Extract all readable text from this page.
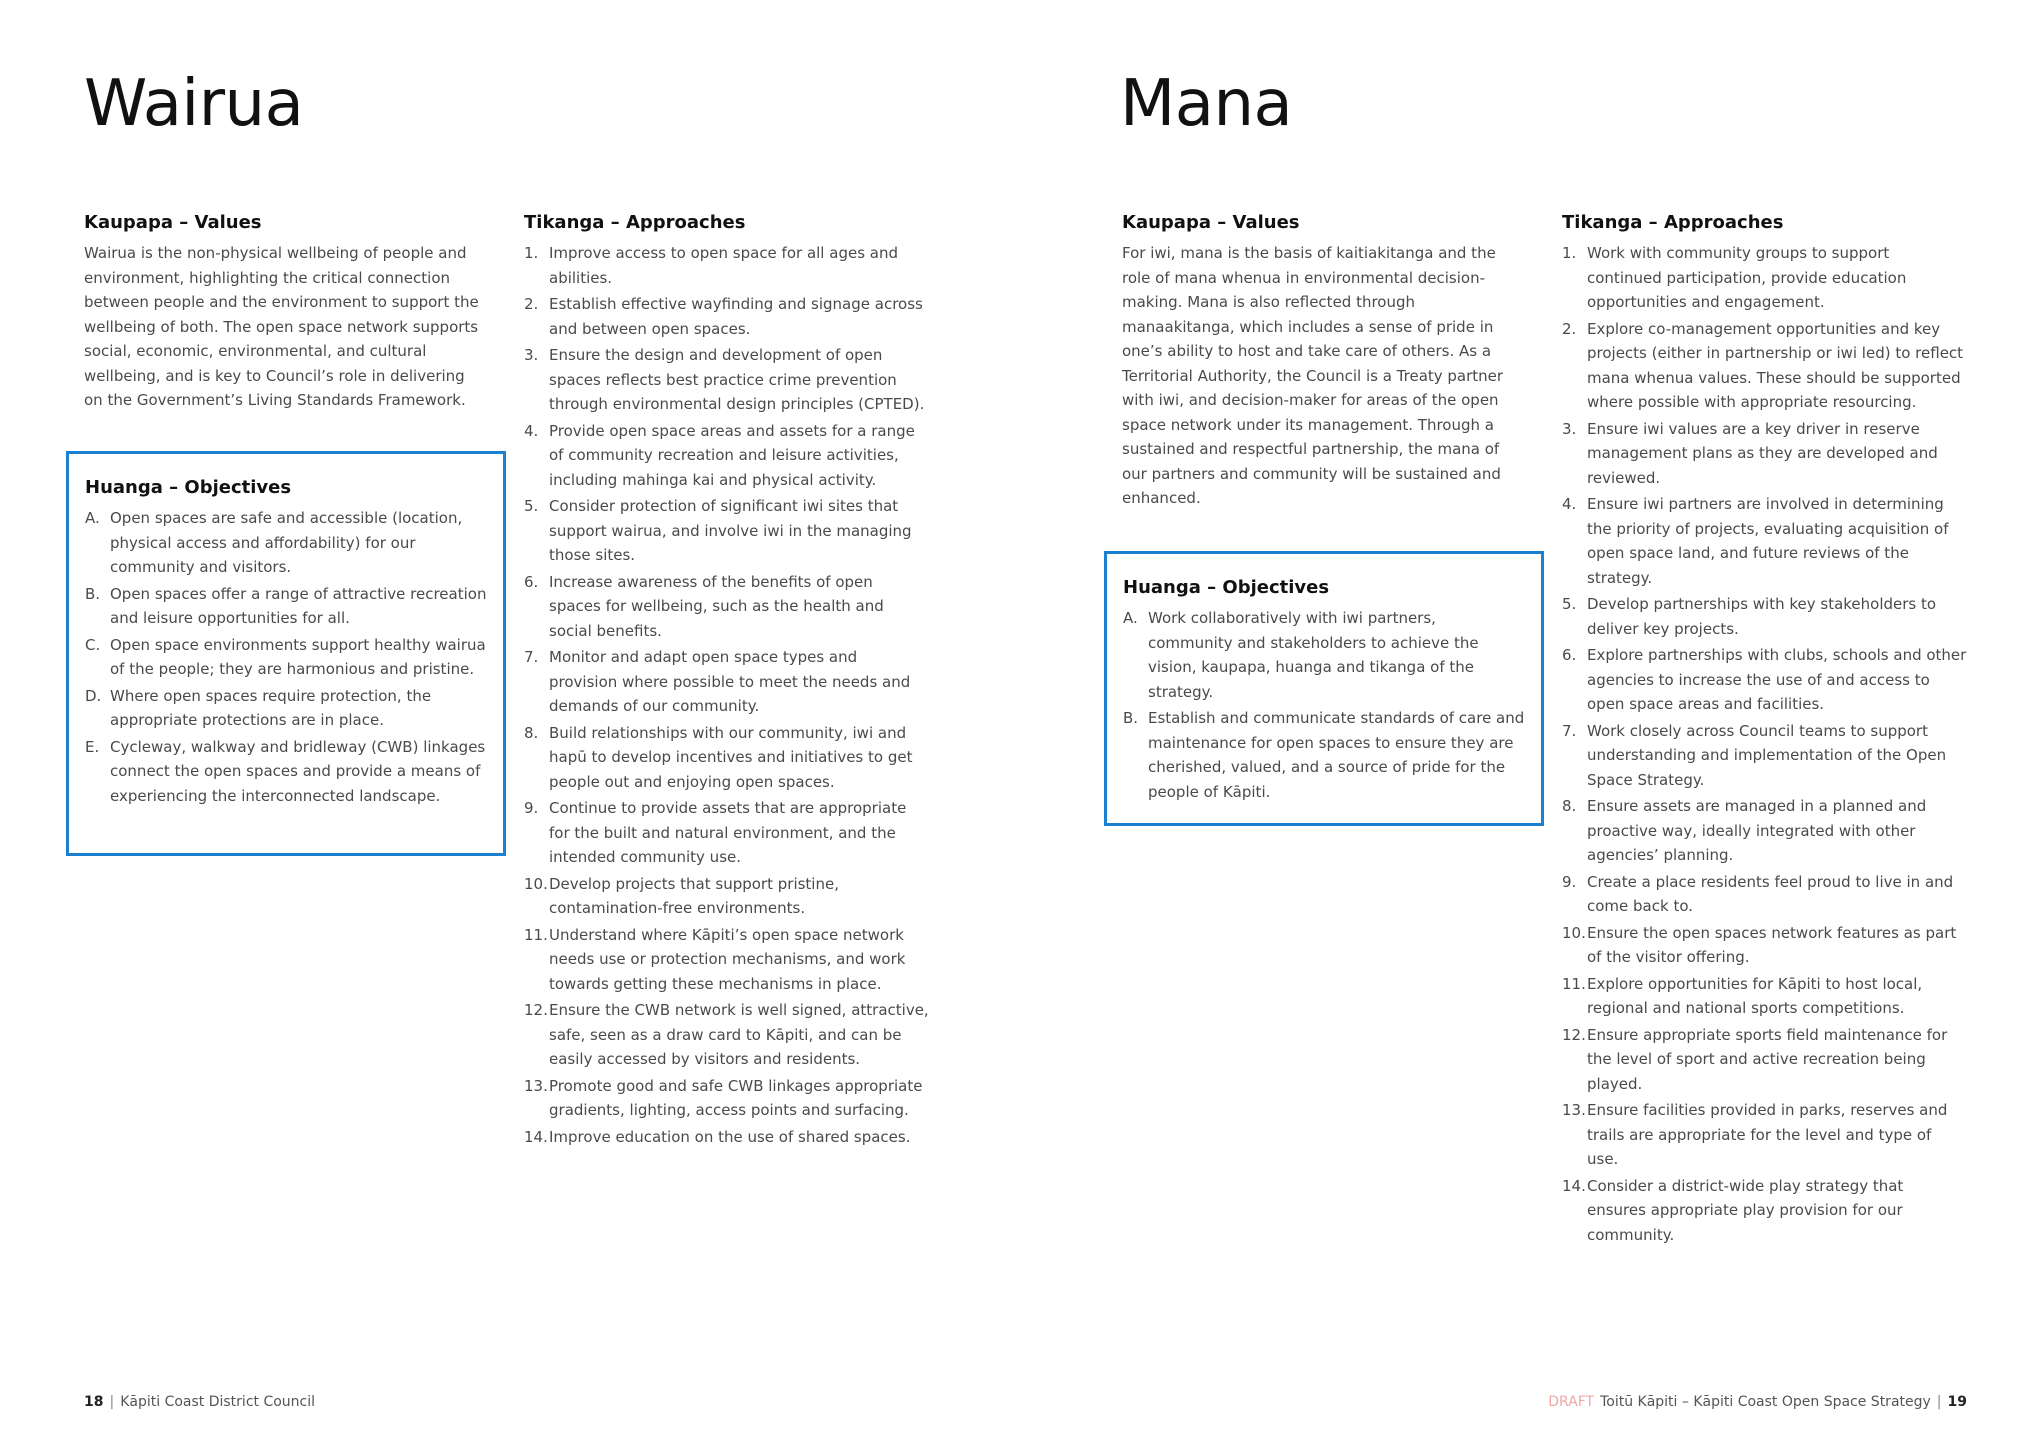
Wairua
Kaupapa – Values

Wairua is the non-physical wellbeing of people and environment, highlighting the critical connection between people and the environment to support the wellbeing of both. The open space network supports social, economic, environmental, and cultural wellbeing, and is key to Council’s role in delivering on the Government’s Living Standards Framework.

Huanga – Objectives
A. Open spaces are safe and accessible (location, physical access and affordability) for our community and visitors.
B. Open spaces offer a range of attractive recreation and leisure opportunities for all.
C. Open space environments support healthy wairua of the people; they are harmonious and pristine.
D. Where open spaces require protection, the appropriate protections are in place.
E. Cycleway, walkway and bridleway (CWB) linkages connect the open spaces and provide a means of experiencing the interconnected landscape.
Tikanga – Approaches
1. Improve access to open space for all ages and abilities.
2. Establish effective wayfinding and signage across and between open spaces.
3. Ensure the design and development of open spaces reflects best practice crime prevention through environmental design principles (CPTED).
4. Provide open space areas and assets for a range of community recreation and leisure activities, including mahinga kai and physical activity.
5. Consider protection of significant iwi sites that support wairua, and involve iwi in the managing those sites.
6. Increase awareness of the benefits of open spaces for wellbeing, such as the health and social benefits.
7. Monitor and adapt open space types and provision where possible to meet the needs and demands of our community.
8. Build relationships with our community, iwi and hapū to develop incentives and initiatives to get people out and enjoying open spaces.
9. Continue to provide assets that are appropriate for the built and natural environment, and the intended community use.
10. Develop projects that support pristine, contamination-free environments.
11. Understand where Kāpiti’s open space network needs use or protection mechanisms, and work towards getting these mechanisms in place.
12. Ensure the CWB network is well signed, attractive, safe, seen as a draw card to Kāpiti, and can be easily accessed by visitors and residents.
13. Promote good and safe CWB linkages appropriate gradients, lighting, access points and surfacing.
14. Improve education on the use of shared spaces.
18 | Kāpiti Coast District Council
Mana
Kaupapa – Values

For iwi, mana is the basis of kaitiakitanga and the role of mana whenua in environmental decision-making. Mana is also reflected through manaakitanga, which includes a sense of pride in one’s ability to host and take care of others. As a Territorial Authority, the Council is a Treaty partner with iwi, and decision-maker for areas of the open space network under its management. Through a sustained and respectful partnership, the mana of our partners and community will be sustained and enhanced.

Huanga – Objectives
A. Work collaboratively with iwi partners, community and stakeholders to achieve the vision, kaupapa, huanga and tikanga of the strategy.
B. Establish and communicate standards of care and maintenance for open spaces to ensure they are cherished, valued, and a source of pride for the people of Kāpiti.
Tikanga – Approaches
1. Work with community groups to support continued participation, provide education opportunities and engagement.
2. Explore co-management opportunities and key projects (either in partnership or iwi led) to reflect mana whenua values. These should be supported where possible with appropriate resourcing.
3. Ensure iwi values are a key driver in reserve management plans as they are developed and reviewed.
4. Ensure iwi partners are involved in determining the priority of projects, evaluating acquisition of open space land, and future reviews of the strategy.
5. Develop partnerships with key stakeholders to deliver key projects.
6. Explore partnerships with clubs, schools and other agencies to increase the use of and access to open space areas and facilities.
7. Work closely across Council teams to support understanding and implementation of the Open Space Strategy.
8. Ensure assets are managed in a planned and proactive way, ideally integrated with other agencies’ planning.
9. Create a place residents feel proud to live in and come back to.
10. Ensure the open spaces network features as part of the visitor offering.
11. Explore opportunities for Kāpiti to host local, regional and national sports competitions.
12. Ensure appropriate sports field maintenance for the level of sport and active recreation being played.
13. Ensure facilities provided in parks, reserves and trails are appropriate for the level and type of use.
14. Consider a district-wide play strategy that ensures appropriate play provision for our community.
DRAFT Toitū Kāpiti – Kāpiti Coast Open Space Strategy | 19
